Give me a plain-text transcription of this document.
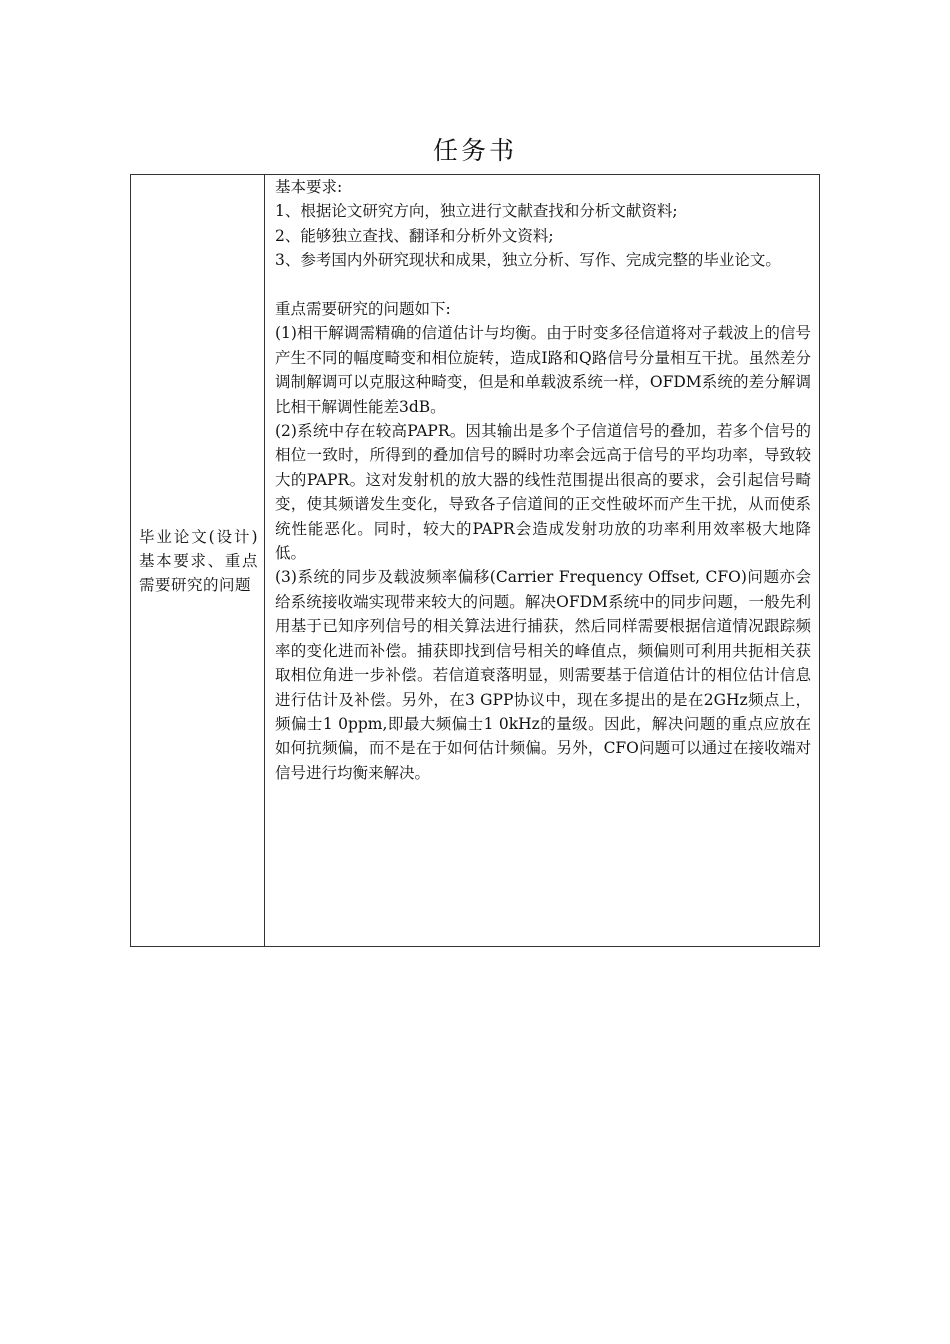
任务书
毕业论文(设计)基本要求、重点需要研究的问题

基本要求:

1、根据论文研究方向，独立进行文献查找和分析文献资料;

2、能够独立查找、翻译和分析外文资料;

3、参考国内外研究现状和成果，独立分析、写作、完成完整的毕业论文。

重点需要研究的问题如下:

(1)相干解调需精确的信道估计与均衡。由于时变多径信道将对子载波上的信号产生不同的幅度畸变和相位旋转，造成I路和Q路信号分量相互干扰。虽然差分调制解调可以克服这种畸变，但是和单载波系统一样，OFDM系统的差分解调比相干解调性能差3dB。

(2)系统中存在较高PAPR。因其输出是多个子信道信号的叠加，若多个信号的相位一致时，所得到的叠加信号的瞬时功率会远高于信号的平均功率，导致较大的PAPR。这对发射机的放大器的线性范围提出很高的要求，会引起信号畸变，使其频谱发生变化，导致各子信道间的正交性破坏而产生干扰，从而使系统性能恶化。同时，较大的PAPR会造成发射功放的功率利用效率极大地降低。

(3)系统的同步及载波频率偏移(Carrier Frequency Offset, CFO)问题亦会给系统接收端实现带来较大的问题。解决OFDM系统中的同步问题，一般先利用基于已知序列信号的相关算法进行捕获，然后同样需要根据信道情况跟踪频率的变化进而补偿。捕获即找到信号相关的峰值点，频偏则可利用共扼相关获取相位角进一步补偿。若信道衰落明显，则需要基于信道估计的相位估计信息进行估计及补偿。另外，在3 GPP协议中，现在多提出的是在2GHz频点上，频偏士1 0ppm,即最大频偏士1 0kHz的量级。因此，解决问题的重点应放在如何抗频偏，而不是在于如何估计频偏。另外，CFO问题可以通过在接收端对信号进行均衡来解决。
